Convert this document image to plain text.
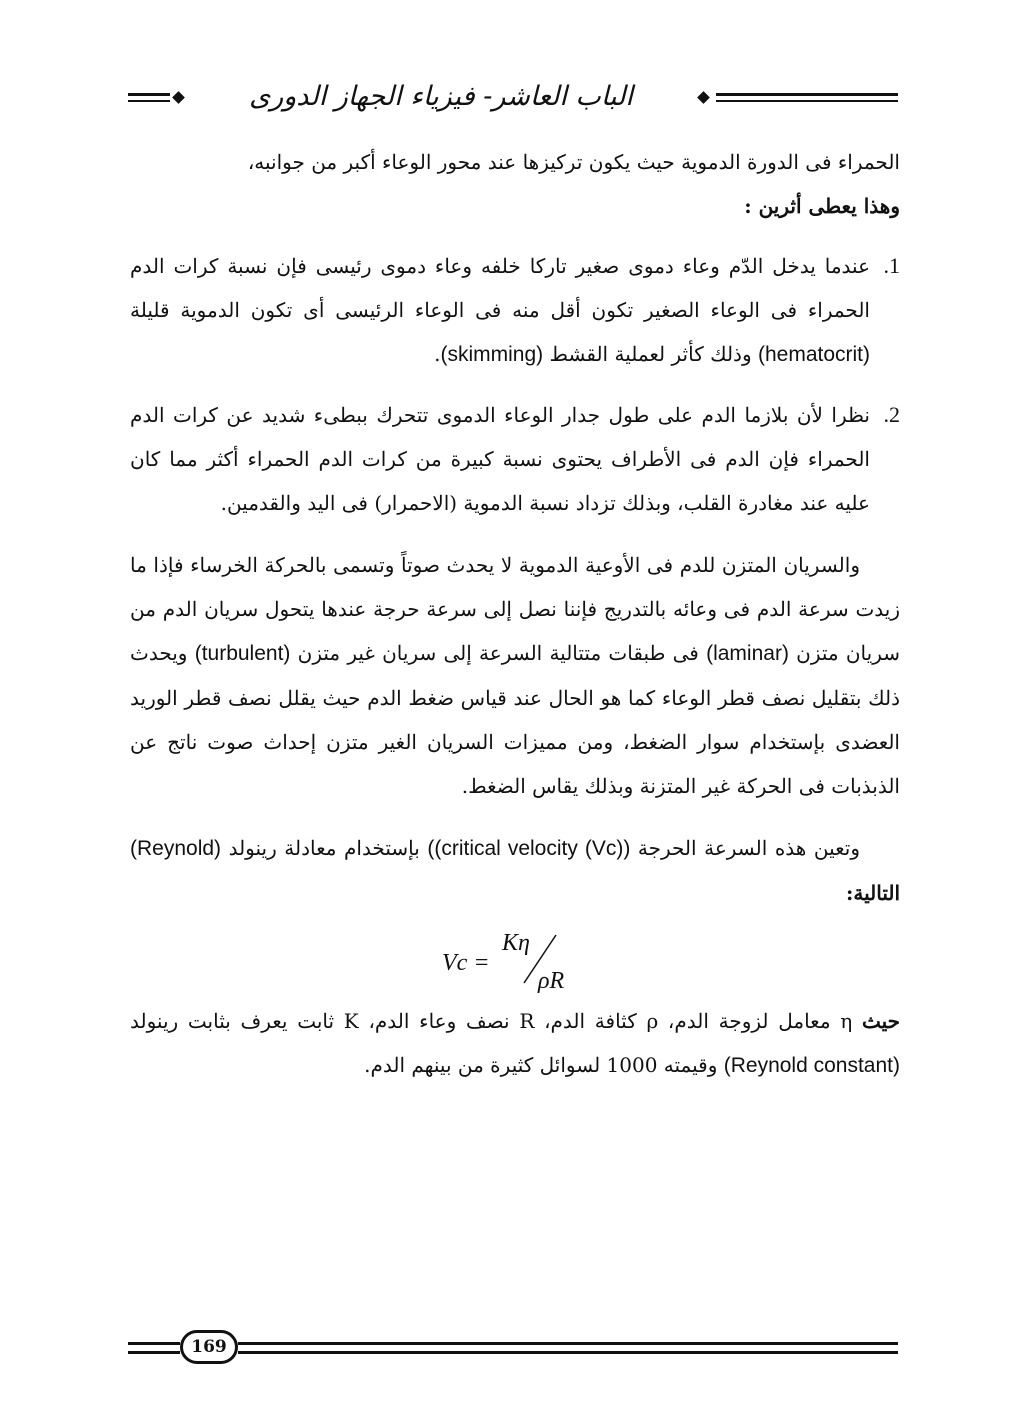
الباب العاشر- فيزياء الجهاز الدورى

الحمراء فى الدورة الدموية حيث يكون تركيزها عند محور الوعاء أكبر من جوانبه،
وهذا يعطى أثرين :

1.
عندما يدخل الدّم وعاء دموى صغير تاركا خلفه وعاء دموى رئيسى فإن نسبة كرات الدم الحمراء فى الوعاء الصغير تكون أقل منه فى الوعاء الرئيسى أى تكون الدموية قليلة (hematocrit) وذلك كأثر لعملية القشط (skimming).

2.
نظرا لأن بلازما الدم على طول جدار الوعاء الدموى تتحرك ببطىء شديد عن كرات الدم الحمراء فإن الدم فى الأطراف يحتوى نسبة كبيرة من كرات الدم الحمراء أكثر مما كان عليه عند مغادرة القلب، وبذلك تزداد نسبة الدموية (الاحمرار) فى اليد والقدمين.

والسريان المتزن للدم فى الأوعية الدموية لا يحدث صوتاً وتسمى بالحركة الخرساء فإذا ما زيدت سرعة الدم فى وعائه بالتدريج فإننا نصل إلى سرعة حرجة عندها يتحول سريان الدم من سريان متزن (laminar) فى طبقات متتالية السرعة إلى سريان غير متزن (turbulent) ويحدث ذلك بتقليل نصف قطر الوعاء كما هو الحال عند قياس ضغط الدم حيث يقلل نصف قطر الوريد العضدى بإستخدام سوار الضغط، ومن مميزات السريان الغير متزن إحداث صوت ناتج عن الذبذبات فى الحركة غير المتزنة وبذلك يقاس الضغط.

وتعين هذه السرعة الحرجة ((critical velocity (Vc)) بإستخدام معادلة رينولد (Reynold) التالية:

Vc =
Kη
ρR

حيث η معامل لزوجة الدم، ρ كثافة الدم، R نصف وعاء الدم، K ثابت يعرف بثابت رينولد (Reynold constant) وقيمته 1000 لسوائل كثيرة من بينهم الدم.

169
